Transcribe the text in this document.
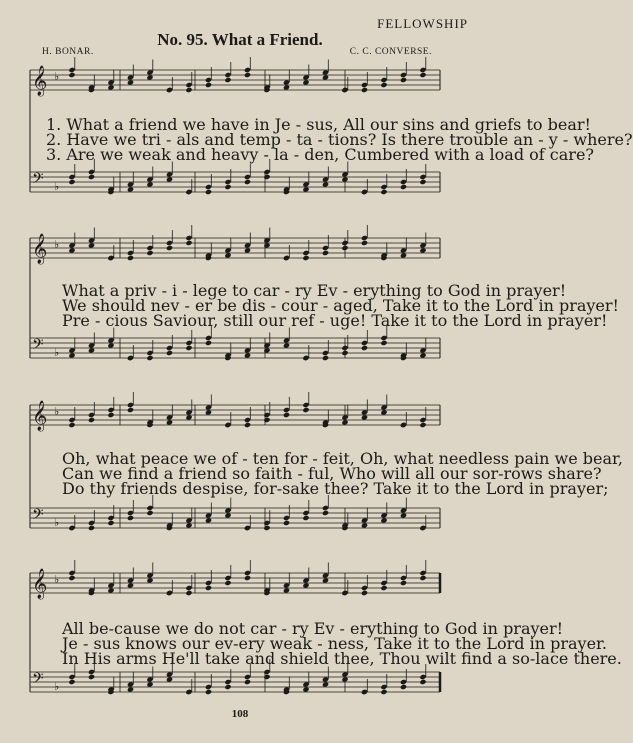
FELLOWSHIP
No. 95. What a Friend.
H. BONAR.	C. C. CONVERSE.
𝄞 ♭
𝄢 ♭
𝄞 ♭
𝄢 ♭
𝄞 ♭
𝄢 ♭
𝄞 ♭
𝄢 ♭
1. What a friend we have in Je - sus, All our sins and griefs to bear!
2. Have we tri - als and temp - ta - tions? Is there trouble an - y - where?
3. Are we weak and heavy - la - den, Cumbered with a load of care?
What a priv - i - lege to car - ry Ev - erything to God in prayer!
We should nev - er be dis - cour - aged, Take it to the Lord in prayer!
Pre - cious Saviour, still our ref - uge! Take it to the Lord in prayer!
Oh, what peace we of - ten for - feit, Oh, what needless pain we bear,
Can we find a friend so faith - ful, Who will all our sor-rows share?
Do thy friends despise, for-sake thee? Take it to the Lord in prayer;
All be-cause we do not car - ry Ev - erything to God in prayer!
Je - sus knows our ev-ery weak - ness, Take it to the Lord in prayer.
In His arms He'll take and shield thee, Thou wilt find a so-lace there.
108
